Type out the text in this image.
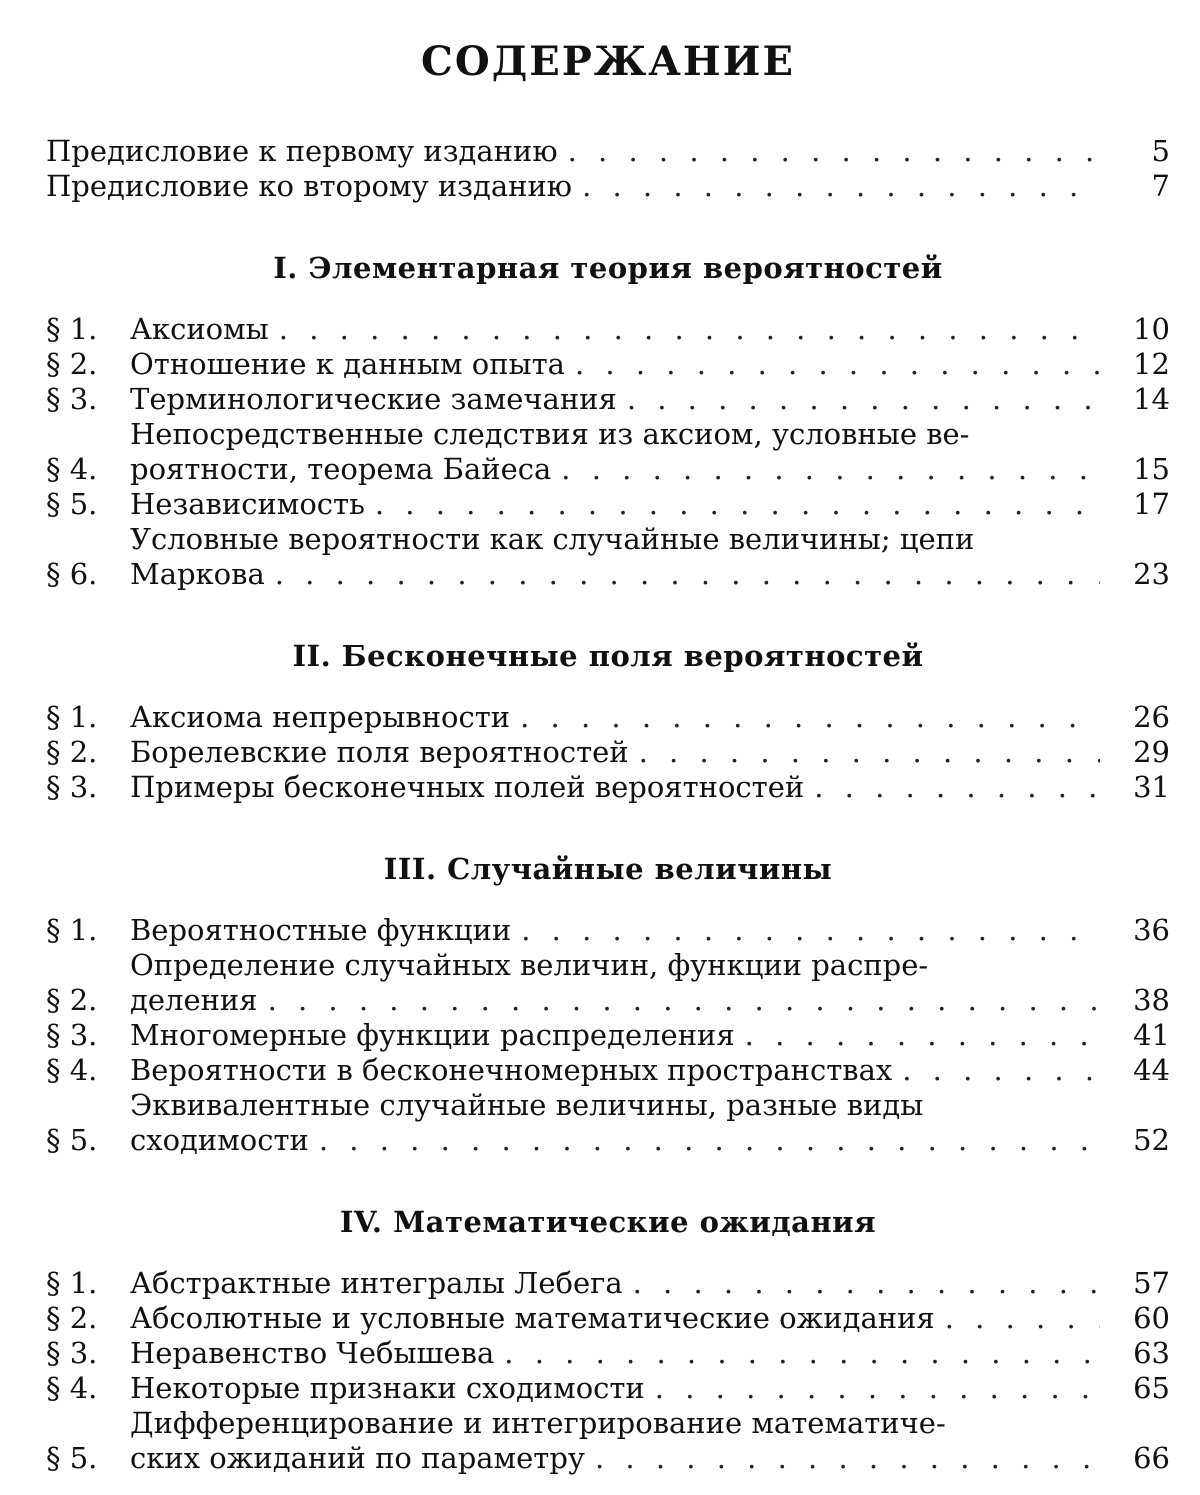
СОДЕРЖАНИЕ
Предисловие к первому изданию . . .	5
Предисловие ко второму изданию . . .	7
I. Элементарная теория вероятностей
§ 1.	Аксиомы . . .	10
§ 2.	Отношение к данным опыта . . .	12
§ 3.	Терминологические замечания . . .	14
§ 4.
Непосредственные следствия из аксиом, условные ве-
роятности, теорема Байеса . . .	15
§ 5.	Независимость . . .	17
§ 6.
Условные вероятности как случайные величины; цепи
Маркова . . .	23
II. Бесконечные поля вероятностей
§ 1.	Аксиома непрерывности . . .	26
§ 2.	Борелевские поля вероятностей . . .	29
§ 3.	Примеры бесконечных полей вероятностей . . .	31
III. Случайные величины
§ 1.	Вероятностные функции . . .	36
§ 2.
Определение случайных величин, функции распре-
деления . . .	38
§ 3.	Многомерные функции распределения . . .	41
§ 4.	Вероятности в бесконечномерных пространствах . . .	44
§ 5.
Эквивалентные случайные величины, разные виды
сходимости . . .	52
IV. Математические ожидания
§ 1.	Абстрактные интегралы Лебега . . .	57
§ 2.	Абсолютные и условные математические ожидания . . .	60
§ 3.	Неравенство Чебышева . . .	63
§ 4.	Некоторые признаки сходимости . . .	65
§ 5.
Дифференцирование и интегрирование математиче-
ских ожиданий по параметру . . .	66
